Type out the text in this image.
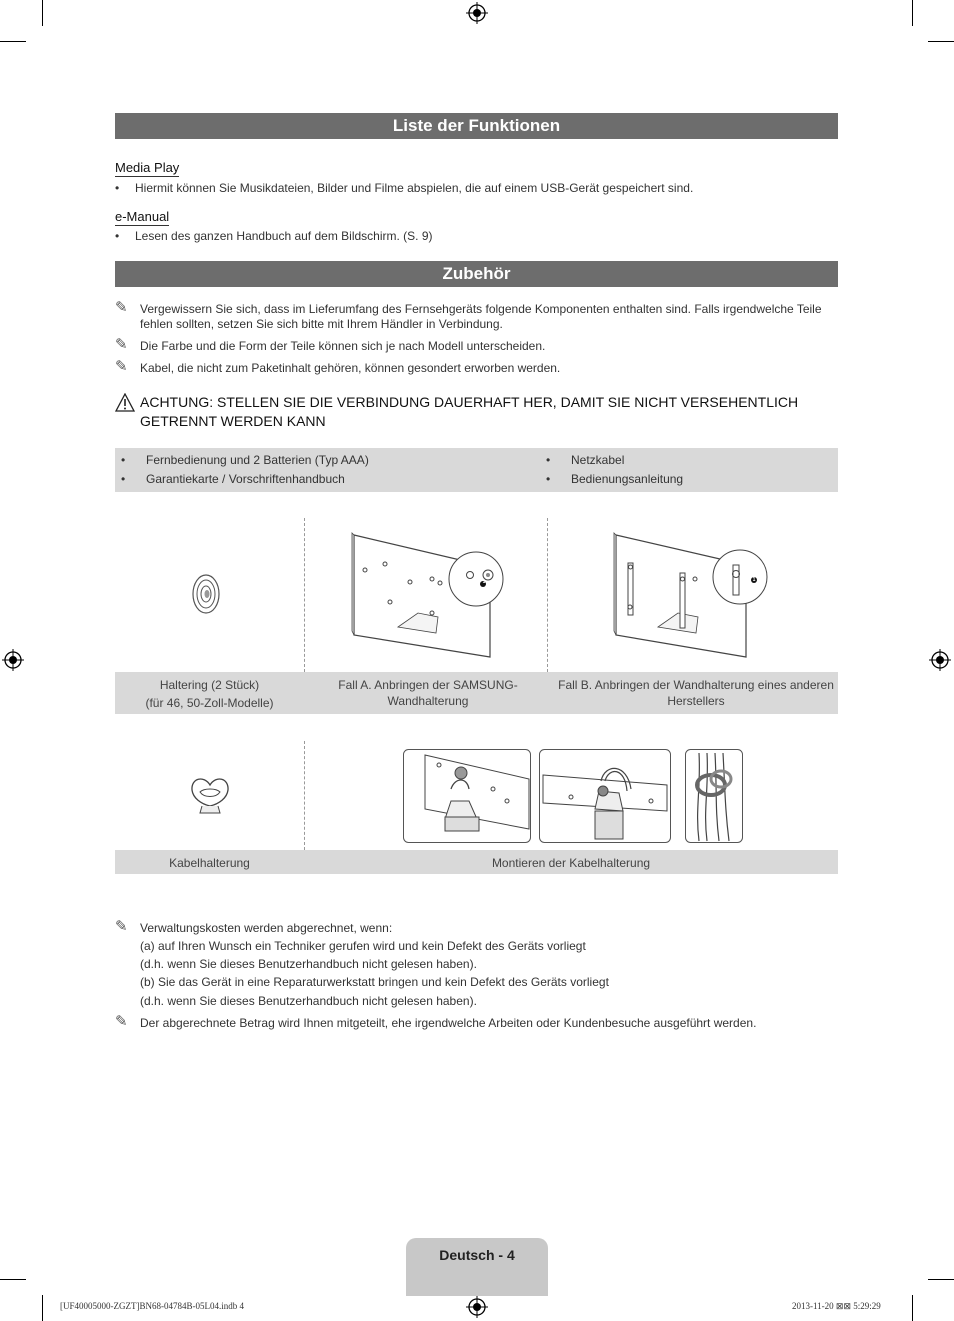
Liste der Funktionen
Media Play
• Hiermit können Sie Musikdateien, Bilder und Filme abspielen, die auf einem USB-Gerät gespeichert sind.
e-Manual
• Lesen des ganzen Handbuch auf dem Bildschirm. (S. 9)
Zubehör
✎	Vergewissern Sie sich, dass im Lieferumfang des Fernsehgeräts folgende Komponenten enthalten sind. Falls irgendwelche Teile fehlen sollten, setzen Sie sich bitte mit Ihrem Händler in Verbindung.
✎	Die Farbe und die Form der Teile können sich je nach Modell unterscheiden.
✎	Kabel, die nicht zum Paketinhalt gehören, können gesondert erworben werden.
ACHTUNG: STELLEN SIE DIE VERBINDUNG DAUERHAFT HER, DAMIT SIE NICHT VERSEHENTLICH GETRENNT WERDEN KANN
• Fernbedienung und 2 Batterien (Typ AAA)
• Garantiekarte / Vorschriftenhandbuch
• Netzkabel
• Bedienungsanleitung
1	1
Haltering (2 Stück)
(für 46, 50-Zoll-Modelle)
Fall A. Anbringen der SAMSUNG-Wandhalterung
Fall B. Anbringen der Wandhalterung eines anderen Herstellers
Kabelhalterung	Montieren der Kabelhalterung
✎	Verwaltungskosten werden abgerechnet, wenn:
(a) auf Ihren Wunsch ein Techniker gerufen wird und kein Defekt des Geräts vorliegt
(d.h. wenn Sie dieses Benutzerhandbuch nicht gelesen haben).
(b) Sie das Gerät in eine Reparaturwerkstatt bringen und kein Defekt des Geräts vorliegt
(d.h. wenn Sie dieses Benutzerhandbuch nicht gelesen haben).
✎	Der abgerechnete Betrag wird Ihnen mitgeteilt, ehe irgendwelche Arbeiten oder Kundenbesuche ausgeführt werden.
Deutsch - 4
[UF40005000-ZGZT]BN68-04784B-05L04.indb 4	2013-11-20 ⊠⊠ 5:29:29
